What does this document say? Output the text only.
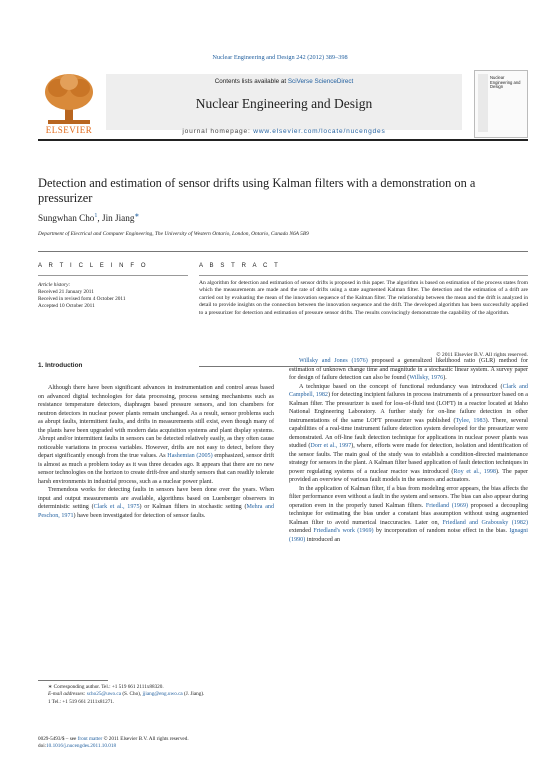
Nuclear Engineering and Design 242 (2012) 389–398
ELSEVIER
Contents lists available at SciVerse ScienceDirect
Nuclear Engineering and Design
journal homepage: www.elsevier.com/locate/nucengdes
Nuclear Engineering and Design
Detection and estimation of sensor drifts using Kalman filters with a demonstration on a pressurizer
Sungwhan Cho$^1$, Jin Jiang∗
Department of Electrical and Computer Engineering, The University of Western Ontario, London, Ontario, Canada N6A 5B9
A R T I C L E I N F O
Article history:
Received 21 January 2011
Received in revised form 4 October 2011
Accepted 10 October 2011
A B S T R A C T
An algorithm for detection and estimation of sensor drifts is proposed in this paper. The algorithm is based on estimation of the process states from which the measurements are made and the rate of drifts using a state augmented Kalman filter. The detection and the estimation of a drift are carried out by evaluating the mean of the innovation sequence of the Kalman filter. The relationship between the mean and the drift is analyzed in detail to provide insights on the connection between the innovation sequence and the drift. The developed algorithm has been successfully applied to a pressurizer for detection and estimation of pressure sensor drifts. The results convincingly demonstrate the capability of the algorithm.
© 2011 Elsevier B.V. All rights reserved.
1. Introduction

Although there have been significant advances in instrumentation and control areas based on advanced digital technologies for data processing, process sensing mechanisms such as resistance temperature detectors, diaphragm based pressure sensors, and ion chambers for neutron detectors in nuclear power plants remain unchanged. As a result, sensor problems such as abrupt faults, intermittent faults, and drifts in measurements still exist, even though many of the plants have been upgraded with modern data acquisition systems and plant display systems. Abrupt and/or intermittent faults in sensors can be detected relatively easily, as they often cause noticeable variations in process variables. However, drifts are not easy to detect, before they depart significantly enough from the true values. As Hashemian (2005) emphasized, sensor drift is almost as much a problem today as it was three decades ago. It appears that there are no new sensor technologies on the horizon to create drift-free and sturdy sensors that can readily tolerate harsh environments in industrial process, such as a nuclear power plant.

Tremendous works for detecting faults in sensors have been done over the years. When input and output measurements are available, algorithms based on Luenberger observers in deterministic setting (Clark et al., 1975) or Kalman filters in stochastic setting (Mehra and Peschon, 1971) have been investigated for detection of sensor faults.

Willsky and Jones (1976) proposed a generalized likelihood ratio (GLR) method for estimation of unknown change time and magnitude in a stochastic linear system. A survey paper for design of failure detection can also be found (Willsky, 1976).

A technique based on the concept of functional redundancy was introduced (Clark and Campbell, 1982) for detecting incipient failures in process instruments of a pressurizer based on a Kalman filter. The pressurizer is used for loss-of-fluid test (LOFT) in a reactor located at Idaho National Engineering Laboratory. A further study for on-line failure detection in other instrumentations of the same LOFT pressurizer was published (Tylee, 1983). There, several capabilities of a real-time instrument failure detection system developed for the pressurizer were demonstrated. An off-line fault detection technique for applications in nuclear power plants was studied (Dorr et al., 1997), where, efforts were made for detection, isolation and identification of the sensor faults. The main goal of the study was to establish a condition-directed maintenance strategy for sensors in the plant. A Kalman filter based application of fault detection techniques in power regulating systems of a nuclear reactor was introduced (Roy et al., 1998). The paper provided an overview of various fault models in the sensors and actuators.

In the application of Kalman filter, if a bias from modeling error appears, the bias affects the filter performance even without a fault in the system and sensors. The bias can also appear during operation even in the properly tuned Kalman filters. Friedland (1969) proposed a decoupling technique for estimating the bias under a constant bias assumption without using augmented Kalman filter to avoid numerical inaccuracies. Later on, Friedland and Grabousky (1982) extended Friedland's work (1969) by incorporation of random noise effect in the bias. Ignagni (1990) introduced an

∗ Corresponding author. Tel.: +1 519 661 2111x88320.
E-mail addresses: scho25@uwo.ca (S. Cho), jjiang@eng.uwo.ca (J. Jiang).
1 Tel.: +1 519 661 2111x81271.
0029-5493/$ – see front matter © 2011 Elsevier B.V. All rights reserved.
doi:10.1016/j.nucengdes.2011.10.018
